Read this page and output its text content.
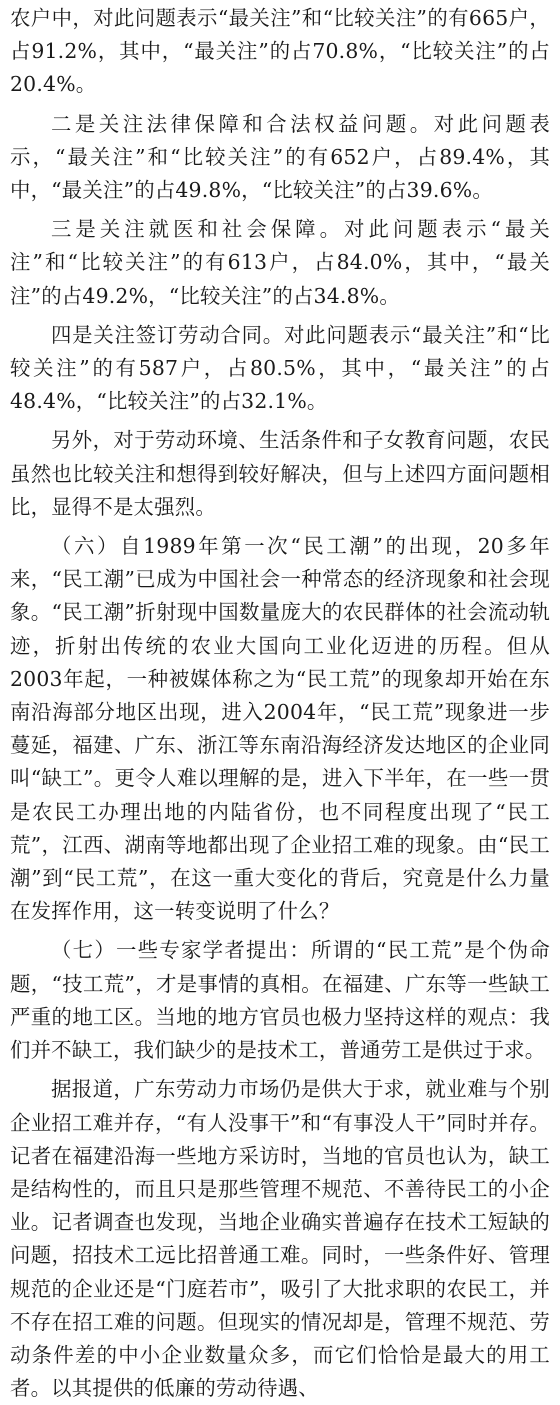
农户中，对此问题表示“最关注”和“比较关注”的有665户，占91.2%，其中，“最关注”的占70.8%，“比较关注”的占20.4%。

二是关注法律保障和合法权益问题。对此问题表示，“最关注”和“比较关注”的有652户，占89.4%，其中，“最关注”的占49.8%，“比较关注”的占39.6%。

三是关注就医和社会保障。对此问题表示“最关注”和“比较关注”的有613户，占84.0%，其中，“最关注”的占49.2%，“比较关注”的占34.8%。

四是关注签订劳动合同。对此问题表示“最关注”和“比较关注”的有587户，占80.5%，其中，“最关注”的占48.4%，“比较关注”的占32.1%。

另外，对于劳动环境、生活条件和子女教育问题，农民虽然也比较关注和想得到较好解决，但与上述四方面问题相比，显得不是太强烈。

（六）自1989年第一次“民工潮”的出现，20多年来，“民工潮”已成为中国社会一种常态的经济现象和社会现象。“民工潮”折射现中国数量庞大的农民群体的社会流动轨迹，折射出传统的农业大国向工业化迈进的历程。但从2003年起，一种被媒体称之为“民工荒”的现象却开始在东南沿海部分地区出现，进入2004年，“民工荒”现象进一步蔓延，福建、广东、浙江等东南沿海经济发达地区的企业同叫“缺工”。更令人难以理解的是，进入下半年，在一些一贯是农民工办理出地的内陆省份，也不同程度出现了“民工荒”，江西、湖南等地都出现了企业招工难的现象。由“民工潮”到“民工荒”，在这一重大变化的背后，究竟是什么力量在发挥作用，这一转变说明了什么？

（七）一些专家学者提出：所谓的“民工荒”是个伪命题，“技工荒”，才是事情的真相。在福建、广东等一些缺工严重的地工区。当地的地方官员也极力坚持这样的观点：我们并不缺工，我们缺少的是技术工，普通劳工是供过于求。

据报道，广东劳动力市场仍是供大于求，就业难与个别企业招工难并存，“有人没事干”和“有事没人干”同时并存。记者在福建沿海一些地方采访时，当地的官员也认为，缺工是结构性的，而且只是那些管理不规范、不善待民工的小企业。记者调查也发现，当地企业确实普遍存在技术工短缺的问题，招技术工远比招普通工难。同时，一些条件好、管理规范的企业还是“门庭若市”，吸引了大批求职的农民工，并不存在招工难的问题。但现实的情况却是，管理不规范、劳动条件差的中小企业数量众多，而它们恰恰是最大的用工者。以其提供的低廉的劳动待遇、
